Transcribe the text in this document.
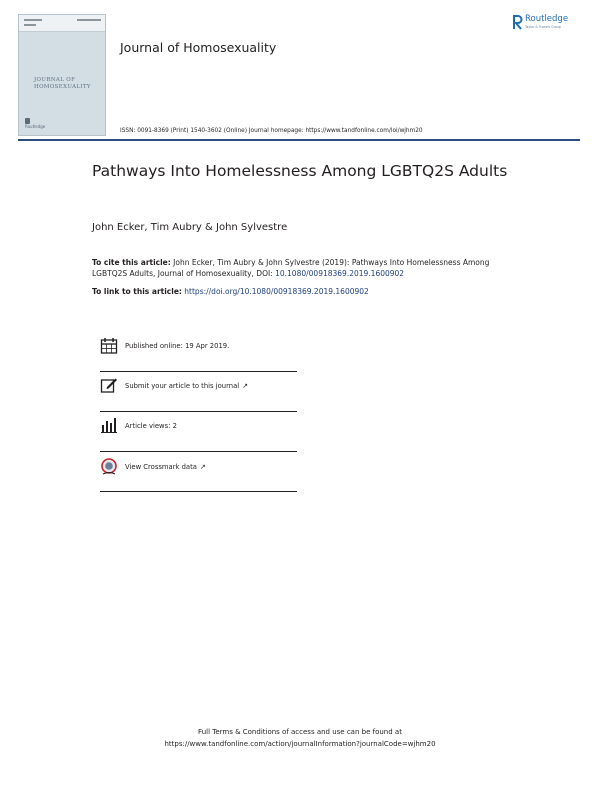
JOURNAL OF
HOMOSEXUALITY
Routledge
Journal of Homosexuality
Routledge
Taylor & Francis Group
ISSN: 0091-8369 (Print) 1540-3602 (Online) Journal homepage: https://www.tandfonline.com/loi/wjhm20
Pathways Into Homelessness Among LGBTQ2S Adults
John Ecker, Tim Aubry & John Sylvestre
To cite this article: John Ecker, Tim Aubry & John Sylvestre (2019): Pathways Into Homelessness Among LGBTQ2S Adults, Journal of Homosexuality, DOI: 10.1080/00918369.2019.1600902
To link to this article: https://doi.org/10.1080/00918369.2019.1600902
Published online: 19 Apr 2019.
Submit your article to this journal ↗
Article views: 2
View Crossmark data ↗
Full Terms & Conditions of access and use can be found at
https://www.tandfonline.com/action/journalInformation?journalCode=wjhm20
